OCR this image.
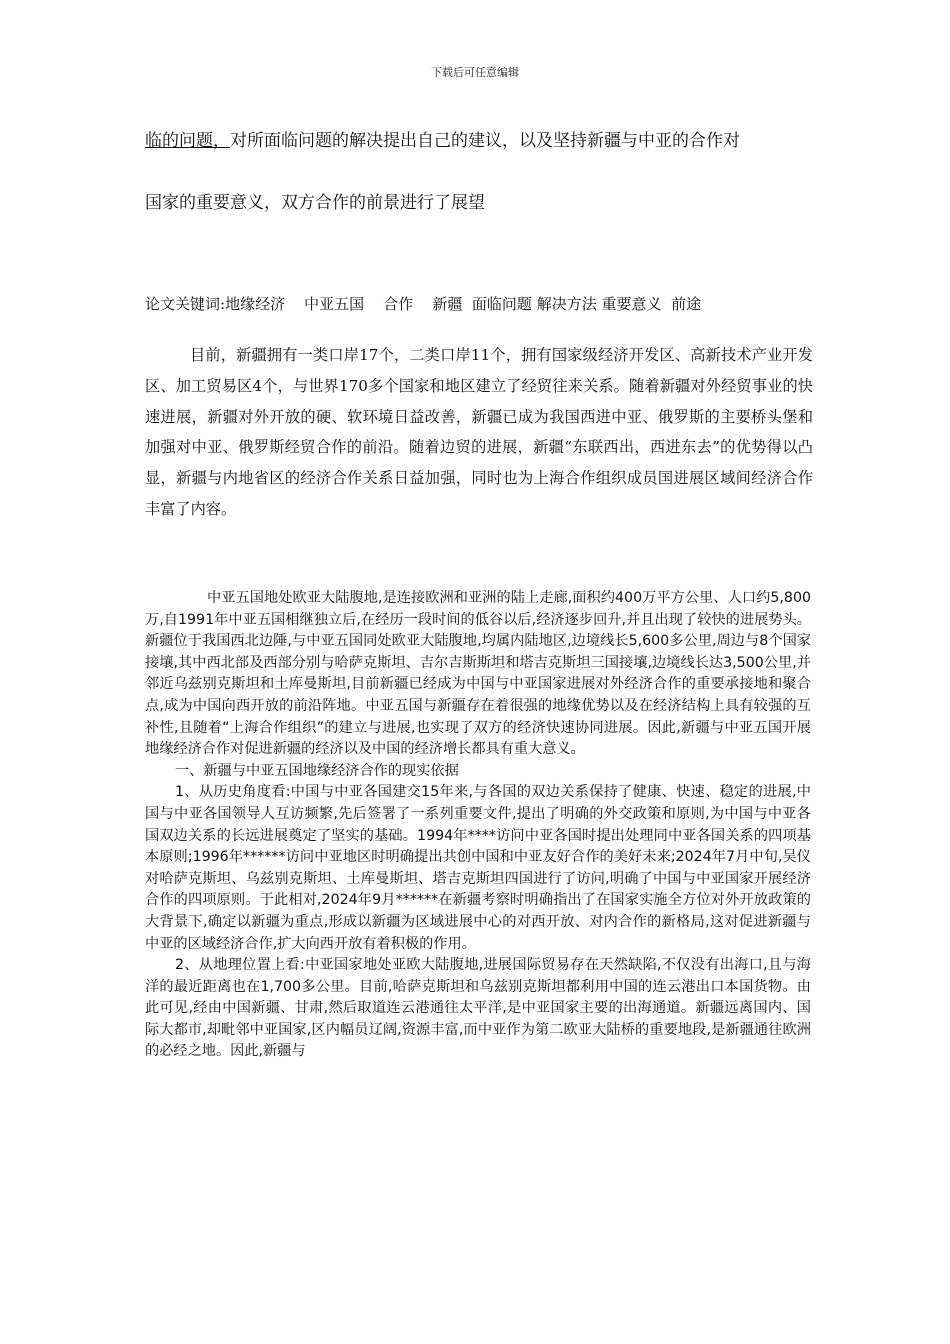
下载后可任意编辑
临的问题，对所面临问题的解决提出自己的建议，以及坚持新疆与中亚的合作对
国家的重要意义，双方合作的前景进行了展望
论文关键词:地缘经济 中亚五国 合作 新疆 面临问题 解决方法 重要意义 前途
目前，新疆拥有一类口岸17个，二类口岸11个，拥有国家级经济开发区、高新技术产业开发区、加工贸易区4个，与世界170多个国家和地区建立了经贸往来关系。随着新疆对外经贸事业的快速进展，新疆对外开放的硬、软环境日益改善，新疆已成为我国西进中亚、俄罗斯的主要桥头堡和加强对中亚、俄罗斯经贸合作的前沿。随着边贸的进展，新疆“东联西出，西进东去”的优势得以凸显，新疆与内地省区的经济合作关系日益加强，同时也为上海合作组织成员国进展区域间经济合作丰富了内容。

中亚五国地处欧亚大陆腹地,是连接欧洲和亚洲的陆上走廊,面积约400万平方公里、人口约5,800万,自1991年中亚五国相继独立后,在经历一段时间的低谷以后,经济逐步回升,并且出现了较快的进展势头。新疆位于我国西北边陲,与中亚五国同处欧亚大陆腹地,均属内陆地区,边境线长5,600多公里,周边与8个国家接壤,其中西北部及西部分别与哈萨克斯坦、吉尔吉斯斯坦和塔吉克斯坦三国接壤,边境线长达3,500公里,并邻近乌兹别克斯坦和土库曼斯坦,目前新疆已经成为中国与中亚国家进展对外经济合作的重要承接地和聚合点,成为中国向西开放的前沿阵地。中亚五国与新疆存在着很强的地缘优势以及在经济结构上具有较强的互补性,且随着“上海合作组织”的建立与进展,也实现了双方的经济快速协同进展。因此,新疆与中亚五国开展地缘经济合作对促进新疆的经济以及中国的经济增长都具有重大意义。

一、新疆与中亚五国地缘经济合作的现实依据

1、从历史角度看:中国与中亚各国建交15年来,与各国的双边关系保持了健康、快速、稳定的进展,中国与中亚各国领导人互访频繁,先后签署了一系列重要文件,提出了明确的外交政策和原则,为中国与中亚各国双边关系的长远进展奠定了坚实的基础。1994年****访问中亚各国时提出处理同中亚各国关系的四项基本原则;1996年******访问中亚地区时明确提出共创中国和中亚友好合作的美好未来;2024年7月中旬,吴仪对哈萨克斯坦、乌兹别克斯坦、土库曼斯坦、塔吉克斯坦四国进行了访问,明确了中国与中亚国家开展经济合作的四项原则。于此相对,2024年9月******在新疆考察时明确指出了在国家实施全方位对外开放政策的大背景下,确定以新疆为重点,形成以新疆为区域进展中心的对西开放、对内合作的新格局,这对促进新疆与中亚的区域经济合作,扩大向西开放有着积极的作用。

2、从地理位置上看:中亚国家地处亚欧大陆腹地,进展国际贸易存在天然缺陷,不仅没有出海口,且与海洋的最近距离也在1,700多公里。目前,哈萨克斯坦和乌兹别克斯坦都利用中国的连云港出口本国货物。由此可见,经由中国新疆、甘肃,然后取道连云港通往太平洋,是中亚国家主要的出海通道。新疆远离国内、国际大都市,却毗邻中亚国家,区内幅员辽阔,资源丰富,而中亚作为第二欧亚大陆桥的重要地段,是新疆通往欧洲的必经之地。因此,新疆与
